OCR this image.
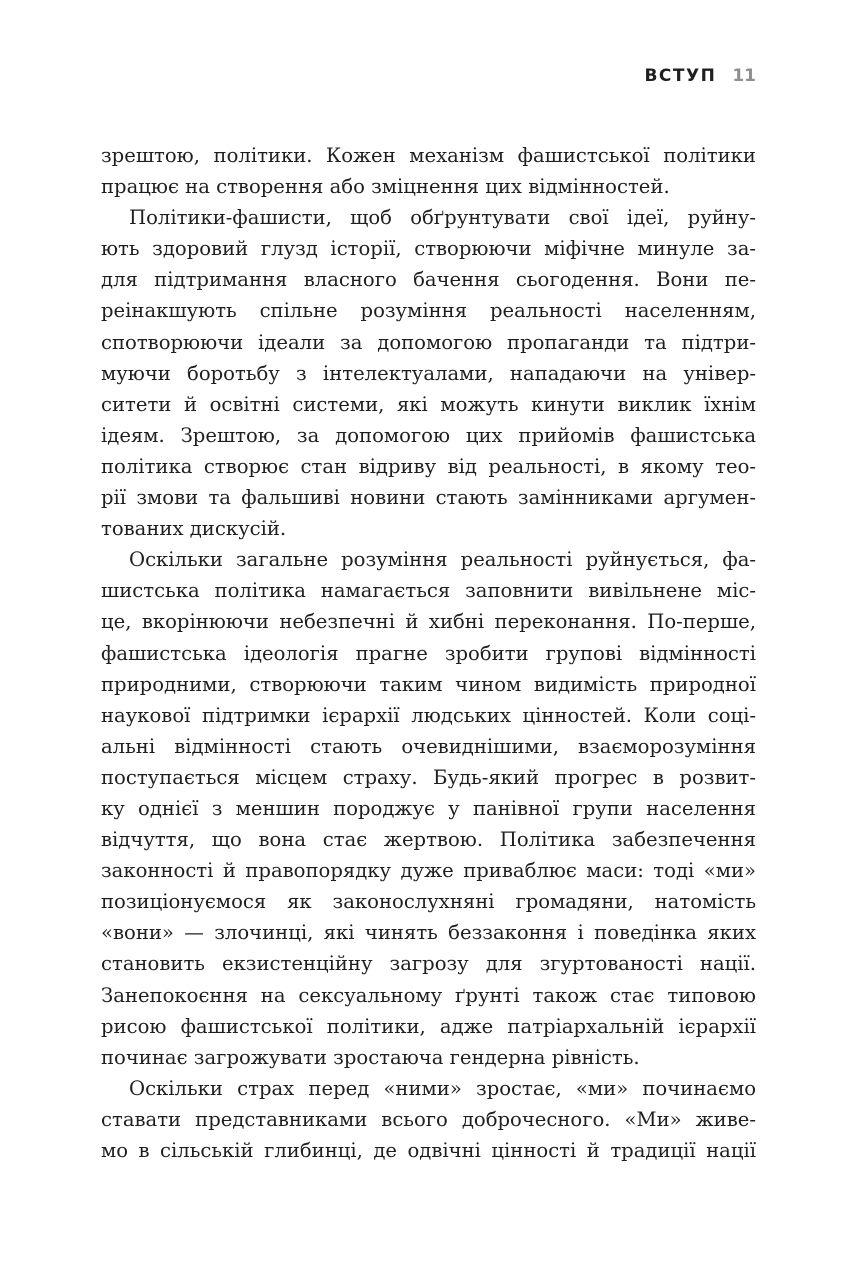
ВСТУП 11
зрештою, політики. Кожен механізм фашистської політики
працює на створення або зміцнення цих відмінностей.
Політики-фашисти, щоб обґрунтувати свої ідеї, руйну-
ють здоровий глузд історії, створюючи міфічне минуле за-
для підтримання власного бачення сьогодення. Вони пе-
реінакшують спільне розуміння реальності населенням,
спотворюючи ідеали за допомогою пропаганди та підтри-
муючи боротьбу з інтелектуалами, нападаючи на універ-
ситети й освітні системи, які можуть кинути виклик їхнім
ідеям. Зрештою, за допомогою цих прийомів фашистська
політика створює стан відриву від реальності, в якому тео-
рії змови та фальшиві новини стають замінниками аргумен-
тованих дискусій.
Оскільки загальне розуміння реальності руйнується, фа-
шистська політика намагається заповнити вивільнене міс-
це, вкорінюючи небезпечні й хибні переконання. По-перше,
фашистська ідеологія прагне зробити групові відмінності
природними, створюючи таким чином видимість природної
наукової підтримки ієрархії людських цінностей. Коли соці-
альні відмінності стають очевиднішими, взаєморозуміння
поступається місцем страху. Будь-який прогрес в розвит-
ку однієї з меншин породжує у панівної групи населення
відчуття, що вона стає жертвою. Політика забезпечення
законності й правопорядку дуже приваблює маси: тоді «ми»
позиціонуємося як законослухняні громадяни, натомість
«вони» — злочинці, які чинять беззаконня і поведінка яких
становить екзистенційну загрозу для згуртованості нації.
Занепокоєння на сексуальному ґрунті також стає типовою
рисою фашистської політики, адже патріархальній ієрархії
починає загрожувати зростаюча гендерна рівність.
Оскільки страх перед «ними» зростає, «ми» починаємо
ставати представниками всього доброчесного. «Ми» живе-
мо в сільській глибинці, де одвічні цінності й традиції нації
